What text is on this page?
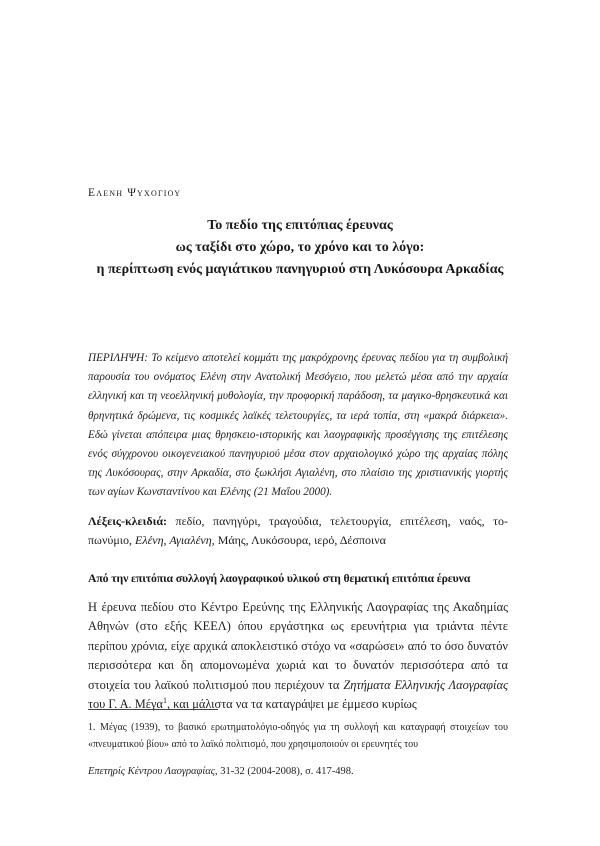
Ελενη Ψυχογιου
Το πεδίο της επιτόπιας έρευνας
ως ταξίδι στο χώρο, το χρόνο και το λόγο:
η περίπτωση ενός μαγιάτικου πανηγυριού στη Λυκόσουρα Αρκαδίας
ΠΕΡΙΛΗΨΗ: Το κείμενο αποτελεί κομμάτι της μακρόχρονης έρευνας πεδίου για τη συμβολική παρουσία του ονόματος Ελένη στην Ανατολική Μεσόγειο, που μελετώ μέσα από την αρχαία ελληνική και τη νεοελληνική μυθολογία, την προφορική παράδοση, τα μαγικο-θρησκευτικά και θρηνητικά δρώμενα, τις κοσμικές λαϊκές τελετουργίες, τα ιερά τοπία, στη «μακρά διάρκεια». Εδώ γίνεται απόπειρα μιας θρησκειο-ιστορικής και λαογραφικής προσέγγισης της επιτέλεσης ενός σύγχρονου οικογενειακού πανηγυριού μέσα στον αρχαιολογικό χώρο της αρχαίας πόλης της Λυκόσουρας, στην Αρκαδία, στο ξωκλήσι Αγιαλένη, στο πλαίσιο της χριστιανικής γιορτής των αγίων Κωνσταντίνου και Ελένης (21 Μαΐου 2000).
Λέξεις-κλειδιά: πεδίο, πανηγύρι, τραγούδια, τελετουργία, επιτέλεση, ναός, το-πωνύμιο, Ελένη, Αγιαλένη, Μάης, Λυκόσουρα, ιερό, Δέσποινα
Από την επιτόπια συλλογή λαογραφικού υλικού στη θεματική επιτόπια έρευνα
Η έρευνα πεδίου στο Κέντρο Ερεύνης της Ελληνικής Λαογραφίας της Ακαδημίας Αθηνών (στο εξής ΚΕΕΛ) όπου εργάστηκα ως ερευνήτρια για τριάντα πέντε περίπου χρόνια, είχε αρχικά αποκλειστικό στόχο να «σαρώσει» από το όσο δυνατόν περισσότερα και δη απομονωμένα χωριά και το δυνατόν περισσότερα από τα στοιχεία του λαϊκού πολιτισμού που περιέχουν τα Ζητήματα Ελληνικής Λαογραφίας του Γ. Α. Μέγα$^1$, και μάλιστα να τα καταγράψει με έμμεσο κυρίως
1. Μέγας (1939), το βασικό ερωτηματολόγιο-οδηγός για τη συλλογή και καταγραφή στοιχείων του «πνευματικού βίου» από το λαϊκό πολιτισμό, που χρησιμοποιούν οι ερευνητές του
Επετηρίς Κέντρου Λαογραφίας, 31-32 (2004-2008), σ. 417-498.
